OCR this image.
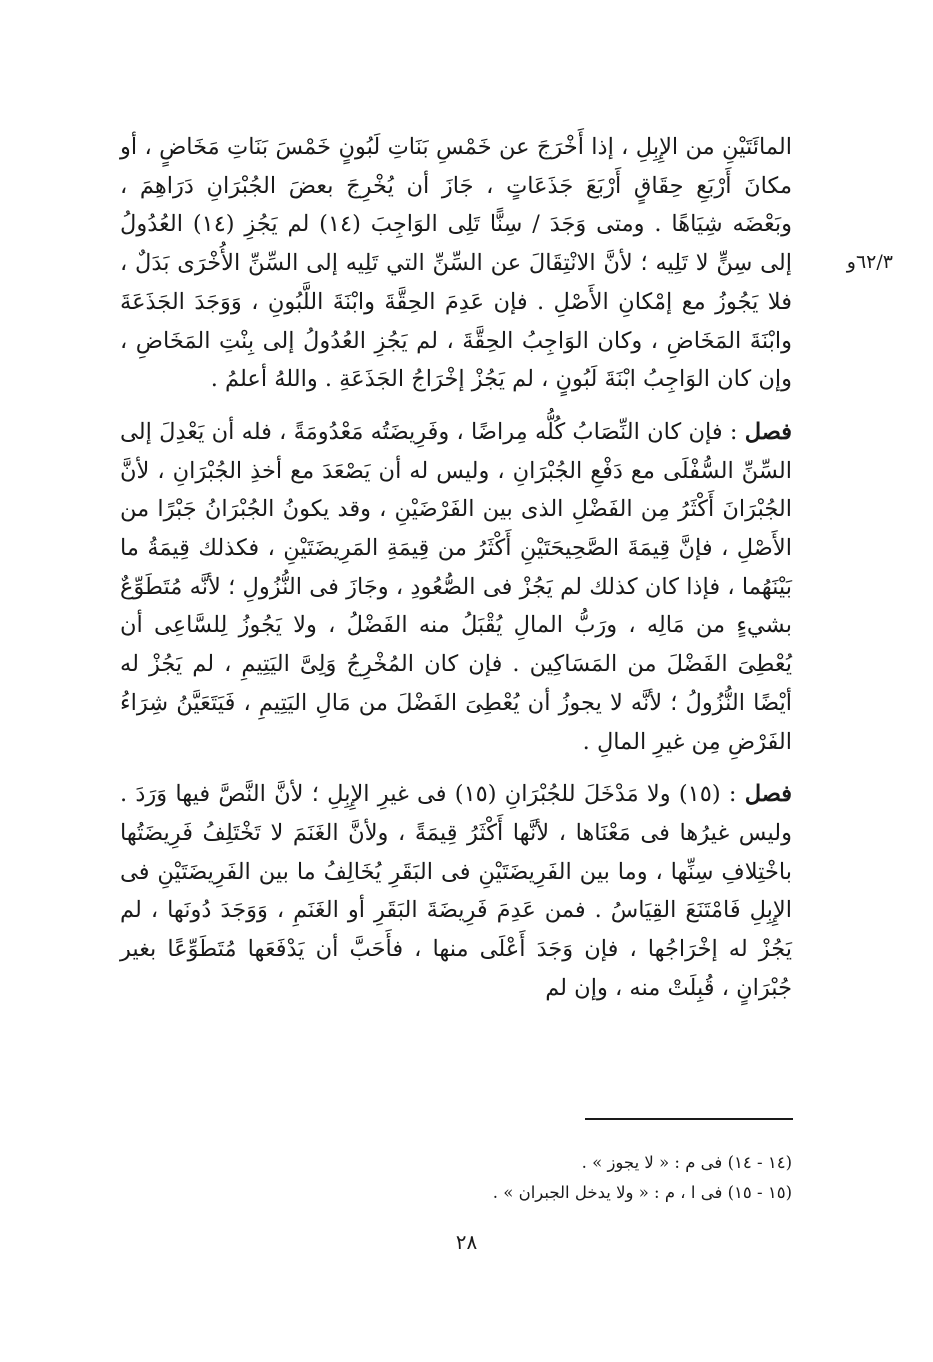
٦٢/٣و

المائَتَيْنِ من الإِبِلِ ، إذا أَخْرَجَ عن خَمْسِ بَنَاتِ لَبُونٍ خَمْسَ بَنَاتِ مَخَاضٍ ، أو مكانَ أَرْبَعِ حِقَاقٍ أَرْبَعَ جَذَعَاتٍ ، جَازَ أن يُخْرِجَ بعضَ الجُبْرَانِ دَرَاهِمَ ، وبَعْضَه شِيَاهًا . ومتى وَجَدَ / سِنًّا تَلِى الوَاجِبَ (١٤) لم يَجُزِ (١٤) العُدُولُ إلى سِنٍّ لا تَلِيه ؛ لأنَّ الانْتِقَالَ عن السِّنِّ التي تَلِيه إلى السِّنِّ الأُخْرَى بَدَلٌ ، فلا يَجُوزُ مع إمْكانِ الأَصْلِ . فإن عَدِمَ الحِقَّةَ وابْنَةَ اللَّبُونِ ، وَوَجَدَ الجَذَعَةَ وابْنَةَ المَخَاضِ ، وكان الوَاجِبُ الحِقَّةَ ، لم يَجُزِ العُدُولُ إلى بِنْتِ المَخَاضِ ، وإن كان الوَاجِبُ ابْنَةَ لَبُونٍ ، لم يَجُزْ إخْرَاجُ الجَذَعَةِ . واللهُ أعلمُ .

فصل : فإن كان النِّصَابُ كُلُّه مِراضًا ، وفَرِيضَتُه مَعْدُومَةً ، فله أن يَعْدِلَ إلى السِّنِّ السُّفْلَى مع دَفْعِ الجُبْرَانِ ، وليس له أن يَصْعَدَ مع أخذِ الجُبْرَانِ ، لأنَّ الجُبْرَانَ أَكْثَرُ مِن الفَضْلِ الذى بين الفَرْضَيْنِ ، وقد يكونُ الجُبْرَانُ جَبْرًا من الأَصْلِ ، فإنَّ قِيمَةَ الصَّحِيحَتَيْنِ أَكْثَرُ من قِيمَةِ المَرِيضَتَيْنِ ، فكذلك قِيمَةُ ما بَيْنَهُما ، فإذا كان كذلك لم يَجُزْ فى الصُّعُودِ ، وجَازَ فى النُّزُولِ ؛ لأنَّه مُتَطَوِّعٌ بشيءٍ من مَالِه ، ورَبُّ المالِ يُقْبَلُ منه الفَضْلُ ، ولا يَجُوزُ لِلسَّاعِى أن يُعْطِىَ الفَضْلَ من المَسَاكِين . فإن كان المُخْرِجُ وَلِىَّ اليَتِيمِ ، لم يَجُزْ له أيْضًا النُّزُولُ ؛ لأنَّه لا يجوزُ أن يُعْطِىَ الفَضْلَ من مَالِ اليَتِيمِ ، فَيَتَعَيَّنُ شِرَاءُ الفَرْضِ مِن غيرِ المالِ .

فصل : (١٥) ولا مَدْخَلَ للجُبْرَانِ (١٥) فى غيرِ الإِبِلِ ؛ لأنَّ النَّصَّ فيها وَرَدَ . وليس غيرُها فى مَعْنَاها ، لأنَّها أَكْثَرُ قِيمَةً ، ولأنَّ الغَنَمَ لا تَخْتَلِفُ فَرِيضَتُها باخْتِلافِ سِنِّها ، وما بين الفَرِيضَتَيْنِ فى البَقَرِ يُخَالِفُ ما بين الفَرِيضَتَيْنِ فى الإِبِلِ فَامْتَنَعَ القِيَاسُ . فمن عَدِمَ فَرِيضَةَ البَقَرِ أو الغَنَمِ ، وَوَجَدَ دُونَها ، لم يَجُزْ له إخْرَاجُها ، فإن وَجَدَ أَعْلَى منها ، فأَحَبَّ أن يَدْفَعَها مُتَطَوِّعًا بغير جُبْرَانٍ ، قُبِلَتْ منه ، وإن لم

(١٤ - ١٤) فى م : « لا يجوز » .
(١٥ - ١٥) فى ا ، م : « ولا يدخل الجبران » .
٢٨
